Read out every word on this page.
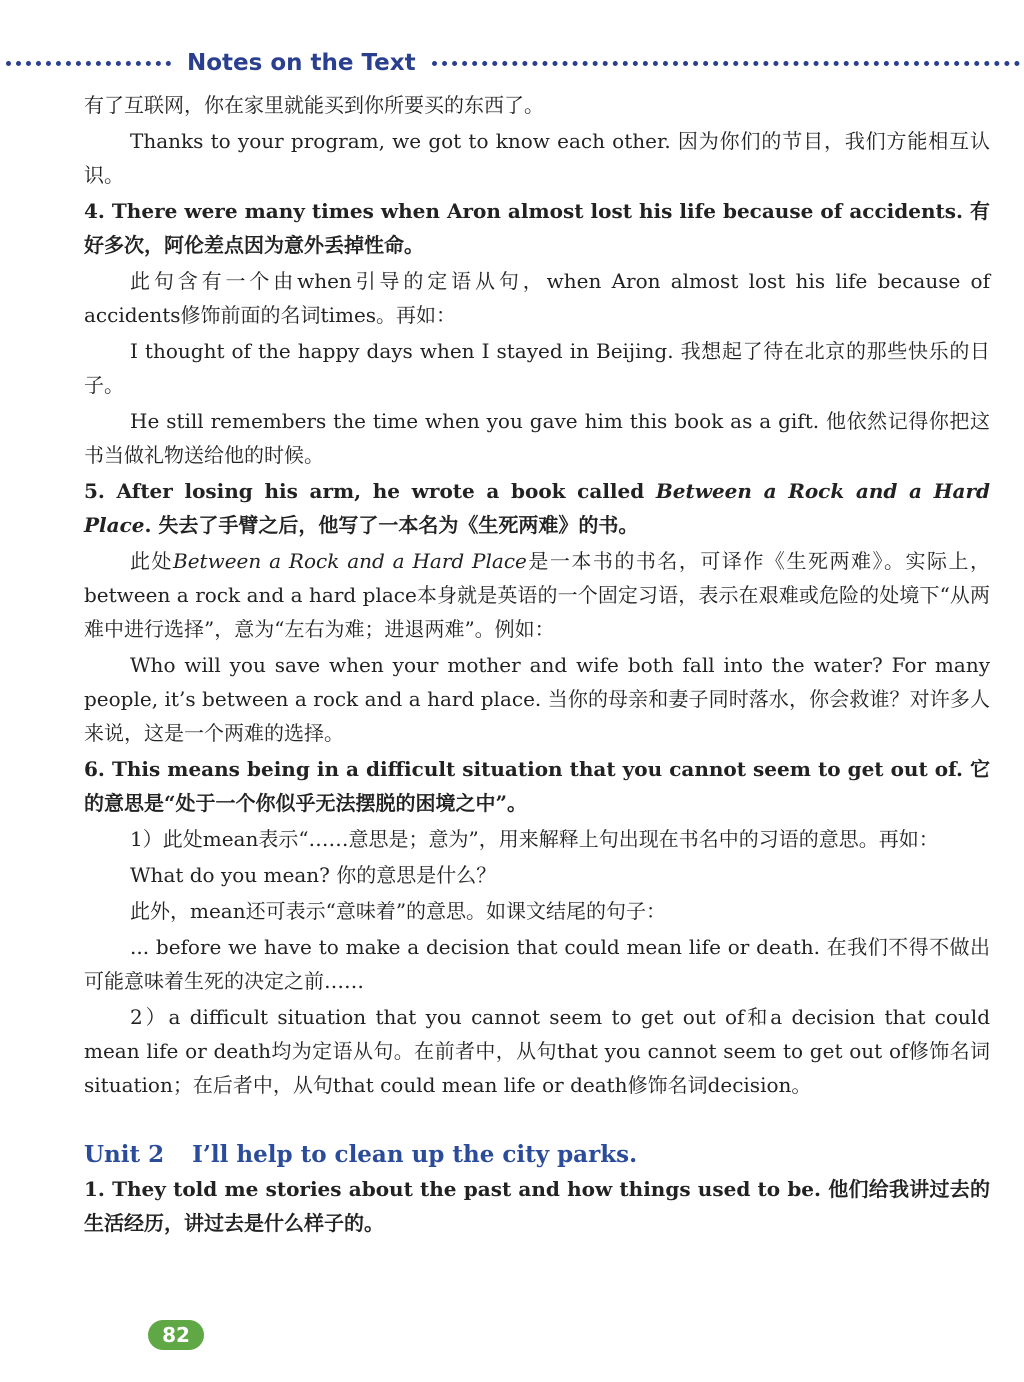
Notes on the Text

有了互联网，你在家里就能买到你所要买的东西了。

Thanks to your program, we got to know each other. 因为你们的节目，我们方能相互认识。

4. There were many times when Aron almost lost his life because of accidents. 有好多次，阿伦差点因为意外丢掉性命。

此句含有一个由when引导的定语从句，when Aron almost lost his life because of accidents修饰前面的名词times。再如：

I thought of the happy days when I stayed in Beijing. 我想起了待在北京的那些快乐的日子。

He still remembers the time when you gave him this book as a gift. 他依然记得你把这书当做礼物送给他的时候。

5. After losing his arm, he wrote a book called Between a Rock and a Hard Place. 失去了手臂之后，他写了一本名为《生死两难》的书。

此处Between a Rock and a Hard Place是一本书的书名，可译作《生死两难》。实际上，between a rock and a hard place本身就是英语的一个固定习语，表示在艰难或危险的处境下“从两难中进行选择”，意为“左右为难；进退两难”。例如：

Who will you save when your mother and wife both fall into the water? For many people, it’s between a rock and a hard place. 当你的母亲和妻子同时落水，你会救谁？对许多人来说，这是一个两难的选择。

6. This means being in a difficult situation that you cannot seem to get out of. 它的意思是“处于一个你似乎无法摆脱的困境之中”。

1）此处mean表示“……意思是；意为”，用来解释上句出现在书名中的习语的意思。再如：

What do you mean? 你的意思是什么？

此外，mean还可表示“意味着”的意思。如课文结尾的句子：

... before we have to make a decision that could mean life or death. 在我们不得不做出可能意味着生死的决定之前……

2）a difficult situation that you cannot seem to get out of和a decision that could mean life or death均为定语从句。在前者中，从句that you cannot seem to get out of修饰名词situation；在后者中，从句that could mean life or death修饰名词decision。

Unit 2 I’ll help to clean up the city parks.

1. They told me stories about the past and how things used to be. 他们给我讲过去的生活经历，讲过去是什么样子的。

82
